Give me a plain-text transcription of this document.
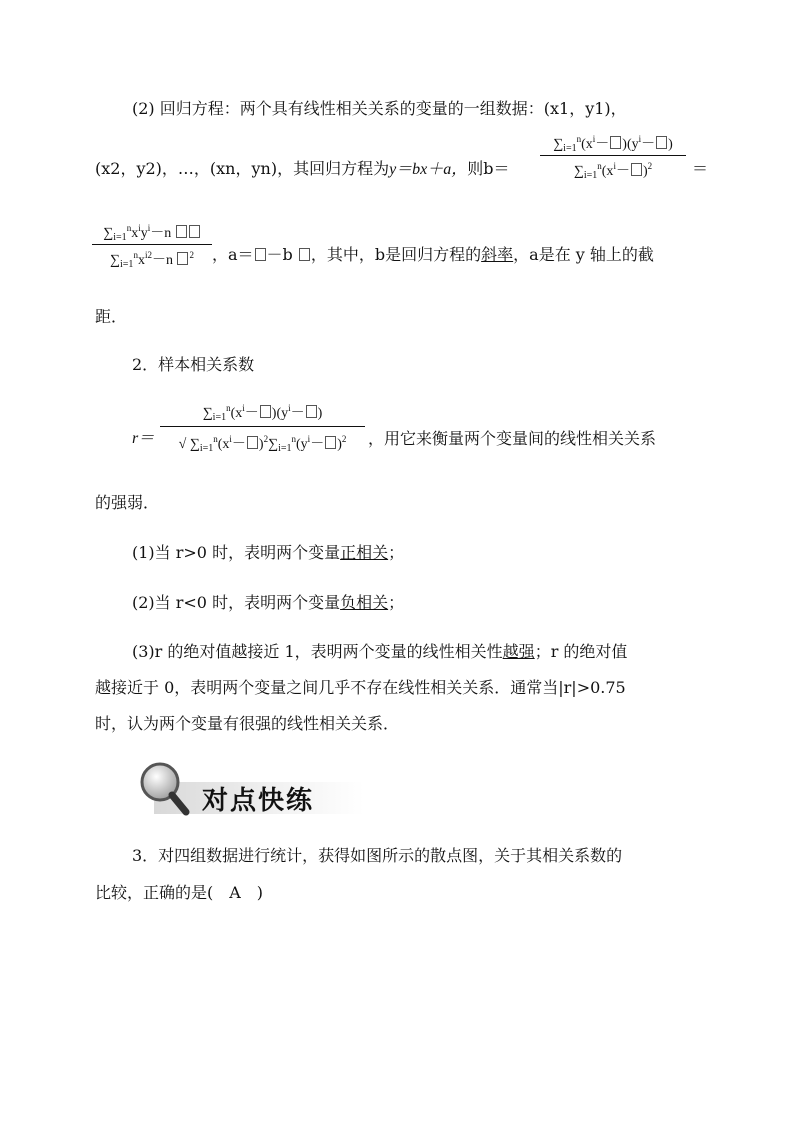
(2) 回归方程：两个具有线性相关关系的变量的一组数据：(x1，y1)，
(x2，y2)，…，(xn，yn)，其回归方程为y＝bx＋a，则$b= \frac{\sum_{i=1}^n(x^i- )(y^i- )}{\sum_{i=1}^n(x^i- )^2}$ ＝
$\sum_{i=1}^nx^iy^i-n$
$\sum_{i=1}^nx^{i2}-n$ $^2$	，a＝ －b ，其中，b是回归方程的斜率，a是在 y 轴上的截
距．
2．样本相关系数
$r= \frac{\sum_{i=1}^n(x^i- )(y^i- )}{√ \sum_{i=1}^n(x^i- )^2\sum_{i=1}^n(y^i- )^2}$ ，用它来衡量两个变量间的线性相关关系
的强弱．
(1)当 r>0 时，表明两个变量正相关；
(2)当 r<0 时，表明两个变量负相关；
(3)r 的绝对值越接近 1，表明两个变量的线性相关性越强；r 的绝对值
越接近于 0，表明两个变量之间几乎不存在线性相关关系．通常当|r|>0.75
时，认为两个变量有很强的线性相关关系．
对点快练
3．对四组数据进行统计，获得如图所示的散点图，关于其相关系数的
比较，正确的是(　A　)
